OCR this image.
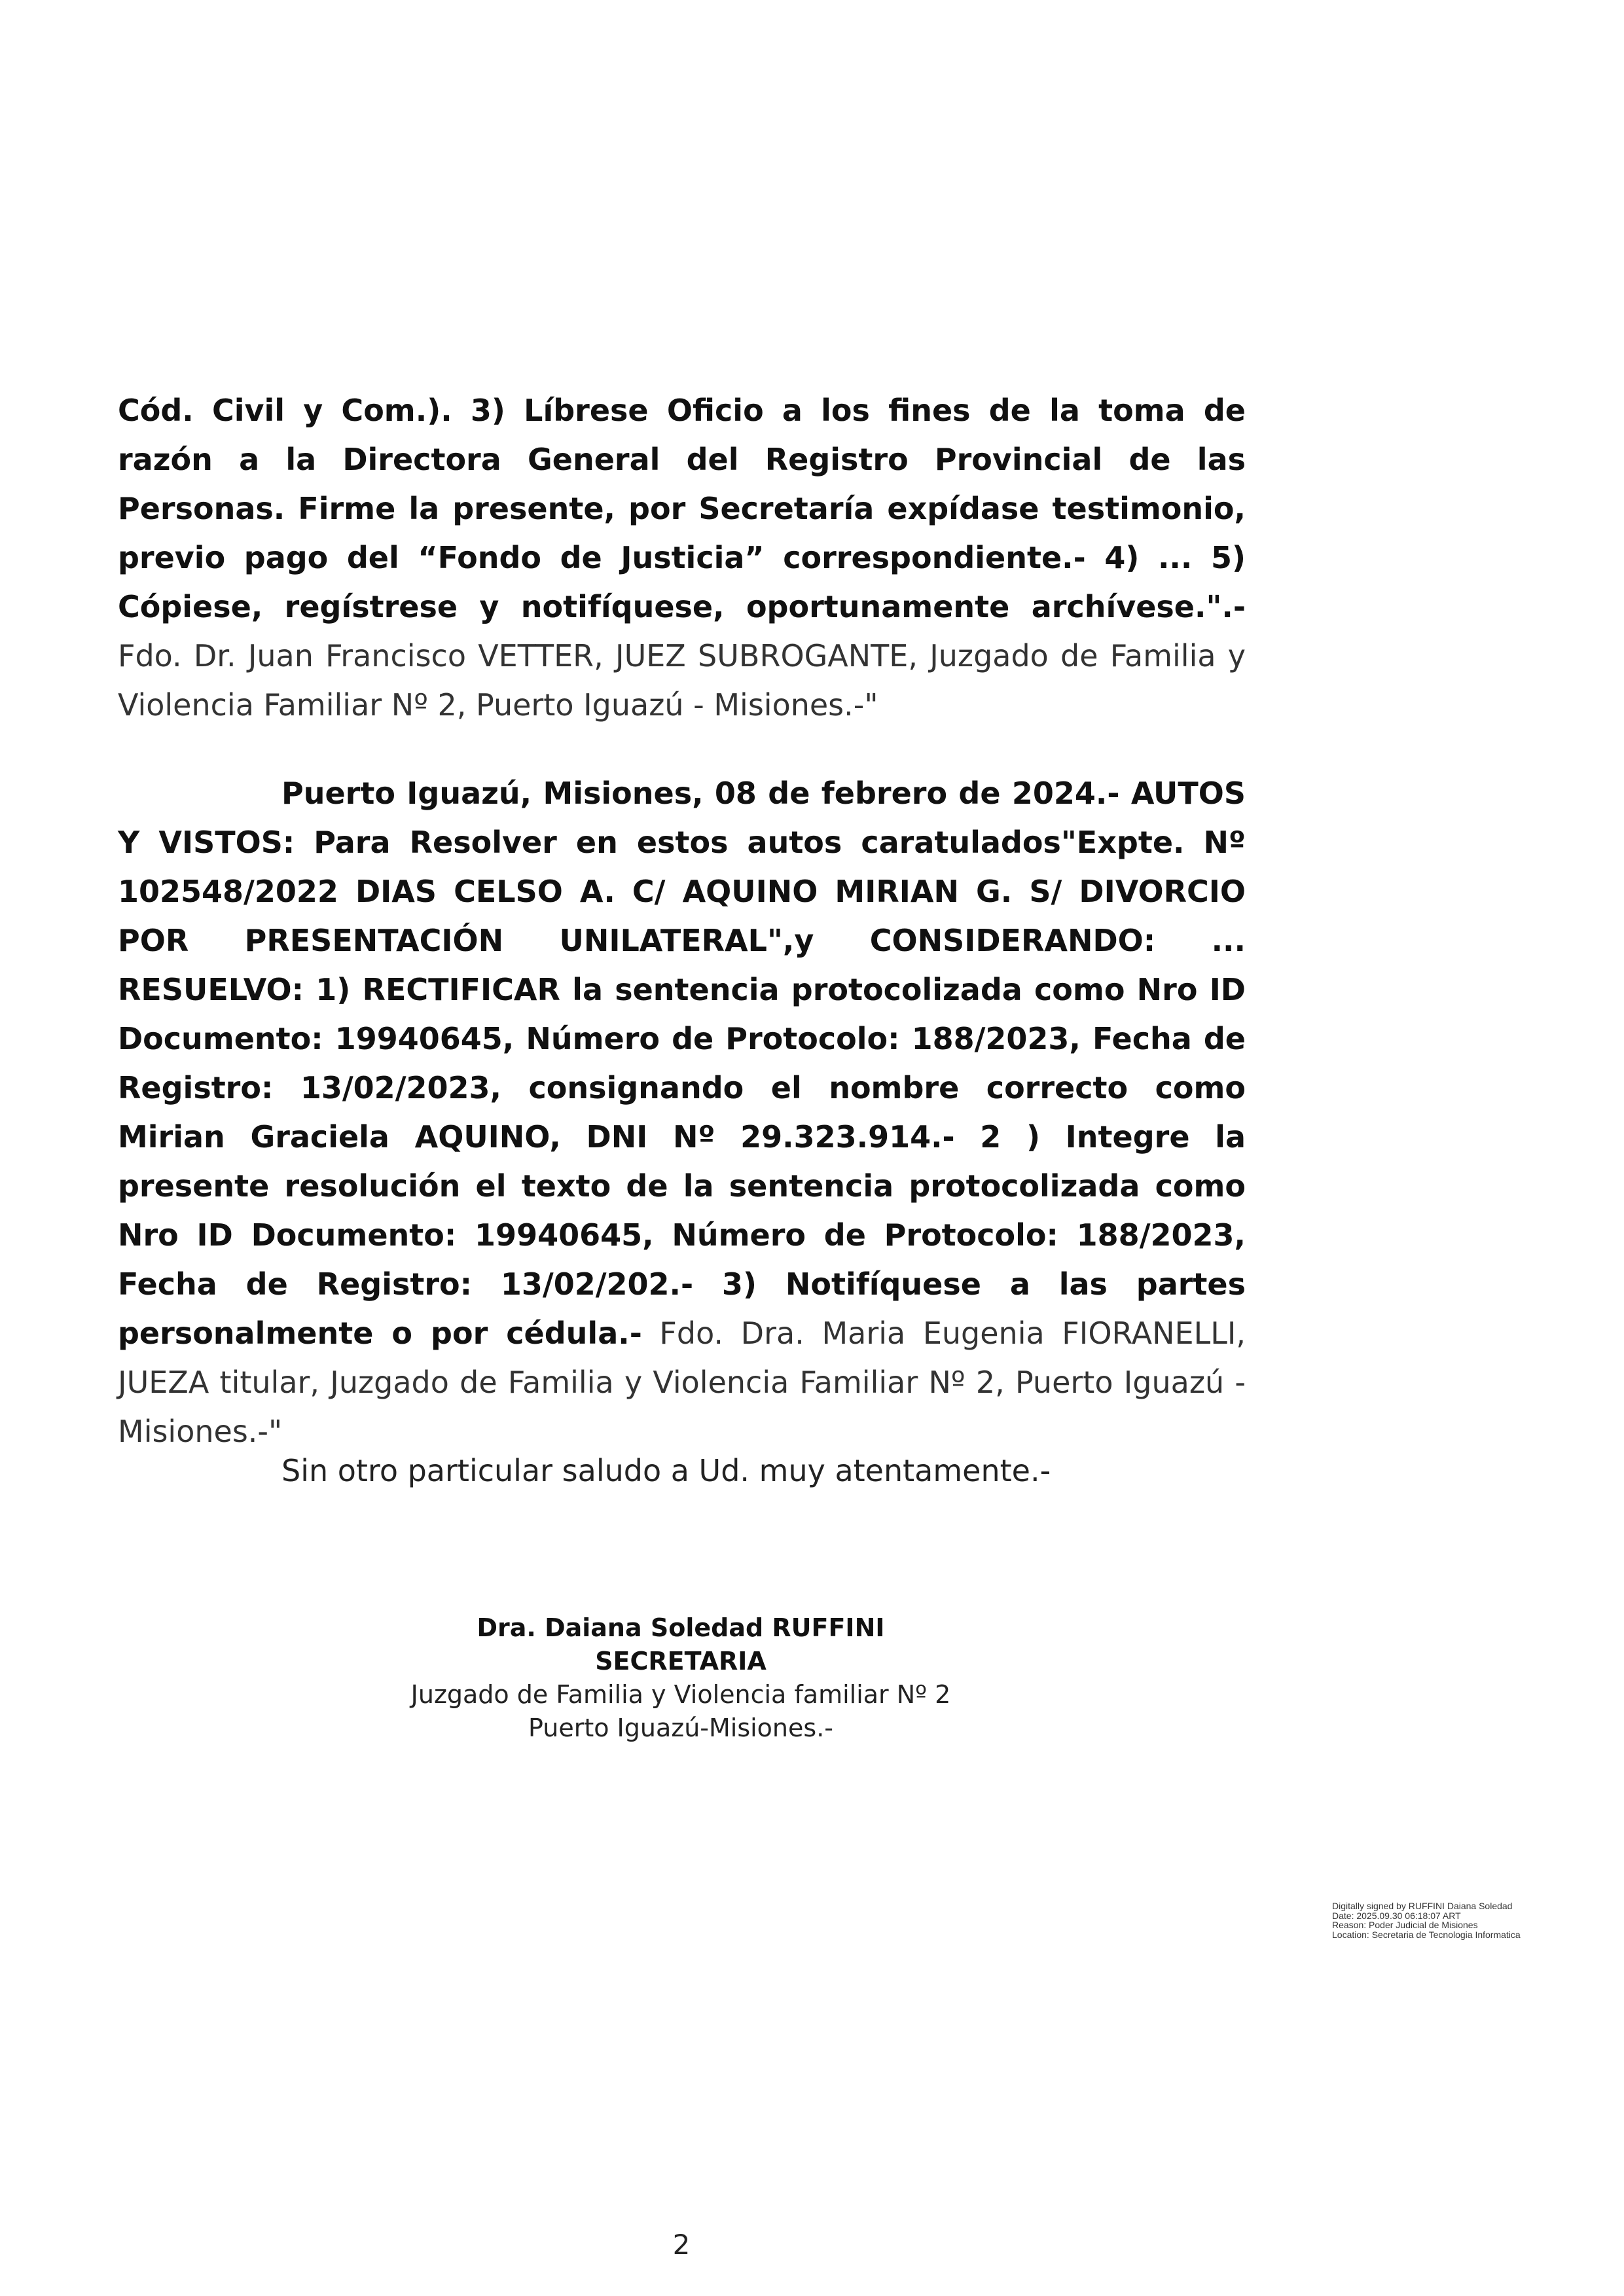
Cód. Civil y Com.). 3) Líbrese Oficio a los fines de la toma de razón a la Directora General del Registro Provincial de las Personas. Firme la presente, por Secretaría expídase testimonio, previo pago del “Fondo de Justicia” correspondiente.- 4) ... 5) Cópiese, regístrese y notifíquese, oportunamente archívese.".- Fdo. Dr. Juan Francisco VETTER, JUEZ SUBROGANTE, Juzgado de Familia y Violencia Familiar Nº 2, Puerto Iguazú - Misiones.-"

Puerto Iguazú, Misiones, 08 de febrero de 2024.- AUTOS Y VISTOS: Para Resolver en estos autos caratulados"Expte. Nº 102548/2022 DIAS CELSO A. C/ AQUINO MIRIAN G. S/ DIVORCIO POR PRESENTACIÓN UNILATERAL",y CONSIDERANDO: ... RESUELVO: 1) RECTIFICAR la sentencia protocolizada como Nro ID Documento: 19940645, Número de Protocolo: 188/2023, Fecha de Registro: 13/02/2023, consignando el nombre correcto como Mirian Graciela AQUINO, DNI Nº 29.323.914.- 2 ) Integre la presente resolución el texto de la sentencia protocolizada como Nro ID Documento: 19940645, Número de Protocolo: 188/2023, Fecha de Registro: 13/02/202.- 3) Notifíquese a las partes personalmente o por cédula.- Fdo. Dra. Maria Eugenia FIORANELLI, JUEZA titular, Juzgado de Familia y Violencia Familiar Nº 2, Puerto Iguazú - Misiones.-"

Sin otro particular saludo a Ud. muy atentamente.-

Dra. Daiana Soledad RUFFINI
SECRETARIA
Juzgado de Familia y Violencia familiar Nº 2
Puerto Iguazú-Misiones.-
Digitally signed by RUFFINI Daiana Soledad
Date: 2025.09.30 06:18:07 ART
Reason: Poder Judicial de Misiones
Location: Secretaria de Tecnologia Informatica
2
